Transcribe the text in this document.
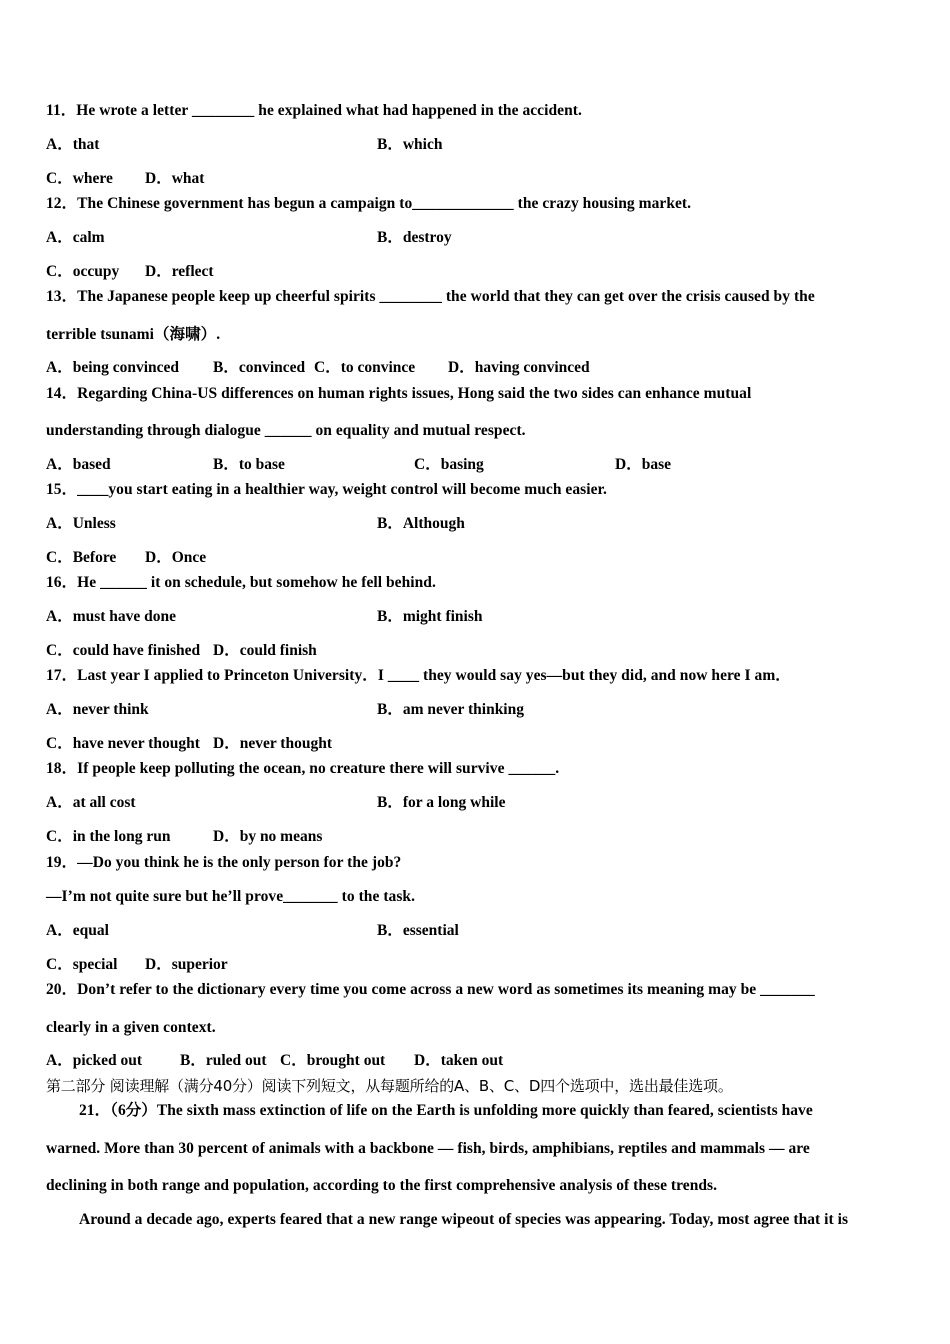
11．He wrote a letter ________ he explained what had happened in the accident.
A．that	B．which
C．where D．what
12．The Chinese government has begun a campaign to_____________ the crazy housing market.
A．calm	B．destroy
C．occupy D．reflect
13．The Japanese people keep up cheerful spirits ________ the world that they can get over the crisis caused by the
terrible tsunami（海啸）.
A．being convinced B．convinced C．to convince D．having convinced
14．Regarding China-US differences on human rights issues, Hong said the two sides can enhance mutual
understanding through dialogue ______ on equality and mutual respect.
A．based	B．to base	C．basing	D．base
15．____you start eating in a healthier way, weight control will become much easier.
A．Unless	B．Although
C．Before D．Once
16．He ______ it on schedule, but somehow he fell behind.
A．must have done	B．might finish
C．could have finished D．could finish
17．Last year I applied to Princeton University．I ____ they would say yes—but they did, and now here I am．
A．never think	B．am never thinking
C．have never thought D．never thought
18．If people keep polluting the ocean, no creature there will survive ______.
A．at all cost	B．for a long while
C．in the long run	D．by no means
19．—Do you think he is the only person for the job?
—I’m not quite sure but he’ll prove_______ to the task.
A．equal	B．essential
C．special D．superior
20．Don’t refer to the dictionary every time you come across a new word as sometimes its meaning may be _______
clearly in a given context.
A．picked out B．ruled out C．brought out D．taken out
第二部分 阅读理解（满分40分）阅读下列短文，从每题所给的A、B、C、D四个选项中，选出最佳选项。
21．（6分）The sixth mass extinction of life on the Earth is unfolding more quickly than feared, scientists have
warned. More than 30 percent of animals with a backbone — fish, birds, amphibians, reptiles and mammals — are
declining in both range and population, according to the first comprehensive analysis of these trends.
Around a decade ago, experts feared that a new range wipeout of species was appearing. Today, most agree that it is
